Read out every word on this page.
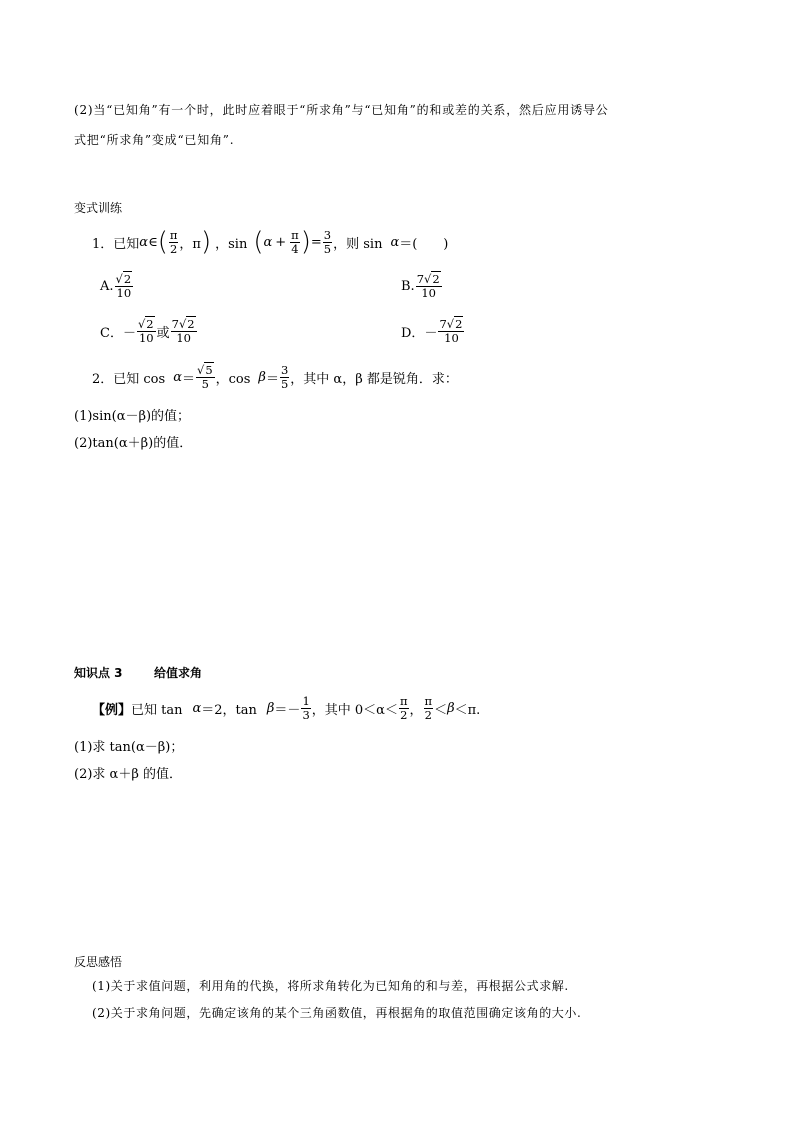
(2)当“已知角”有一个时，此时应着眼于“所求角”与“已知角”的和或差的关系，然后应用诱导公
式把“所求角”变成“已知角”.
变式训练
1．已知 α ∈ ( $\frac{\pi}{2}$ ，π ) ，sin ( $\alpha + \frac{\pi}{4}$ ) = $\frac{3}{5}$ ，则 sin α ＝(　　)
A. $\frac{√2}{10}$	B. $\frac{7√2}{10}$
C． － $\frac{√2}{10}$ 或 $\frac{7√2}{10}$	D． － $\frac{7√2}{10}$
2．已知 $\cos \alpha = \frac{√5}{5}$ ，$\cos \beta = \frac{3}{5}$ ，其中 α，β 都是锐角．求：
(1)sin(α－β)的值；
(2)tan(α＋β)的值．
知识点 3	给值求角
【例】 已知 tan α ＝2，$\tan \beta =- \frac{1}{3}$ ，其中 $0<\alpha< \frac{\pi}{2}$ ， $\frac{\pi}{2} < \beta <\pi$.
(1)求 tan(α－β)；
(2)求 α＋β 的值．
反思感悟
(1)关于求值问题，利用角的代换，将所求角转化为已知角的和与差，再根据公式求解.
(2)关于求角问题，先确定该角的某个三角函数值，再根据角的取值范围确定该角的大小.
